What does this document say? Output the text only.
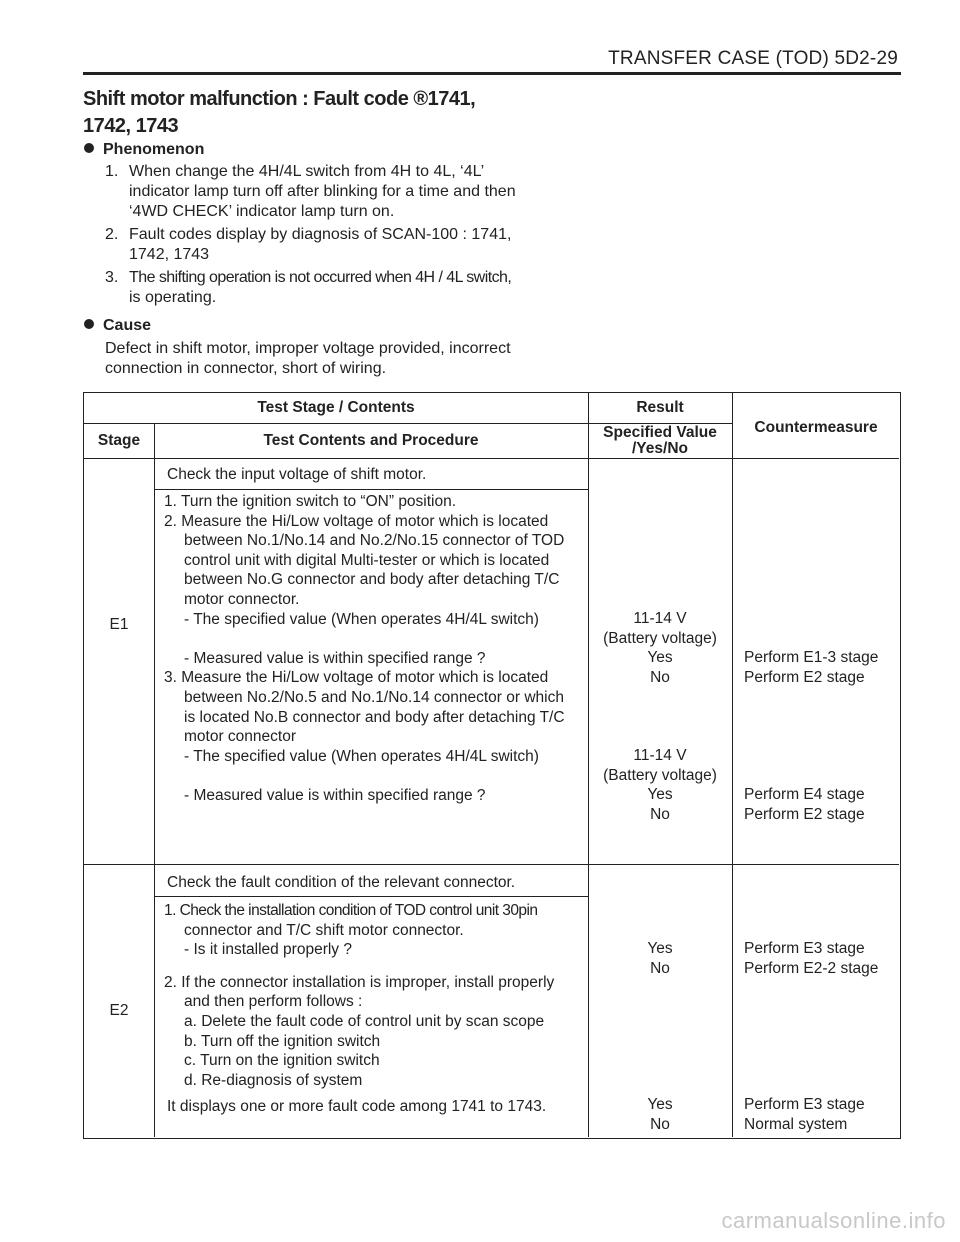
TRANSFER CASE (TOD) 5D2-29
Shift motor malfunction : Fault code ®1741,
1742, 1743
Phenomenon
1. When change the 4H/4L switch from 4H to 4L, ‘4L’
indicator lamp turn off after blinking for a time and then
‘4WD CHECK’ indicator lamp turn on.
2. Fault codes display by diagnosis of SCAN-100 : 1741,
1742, 1743
3. The shifting operation is not occurred when 4H / 4L switch,
is operating.
Cause
Defect in shift motor, improper voltage provided, incorrect
connection in connector, short of wiring.
Test Stage / Contents
Stage	Test Contents and Procedure
Result
Specified Value
/Yes/No
Countermeasure
E1
Check the input voltage of shift motor.
1. Turn the ignition switch to “ON” position.
2. Measure the Hi/Low voltage of motor which is located
between No.1/No.14 and No.2/No.15 connector of TOD
control unit with digital Multi-tester or which is located
between No.G connector and body after detaching T/C
motor connector.
- The specified value (When operates 4H/4L switch)
- Measured value is within specified range ?
3. Measure the Hi/Low voltage of motor which is located
between No.2/No.5 and No.1/No.14 connector or which
is located No.B connector and body after detaching T/C
motor connector
- The specified value (When operates 4H/4L switch)
- Measured value is within specified range ?
11-14 V
(Battery voltage)
Yes
No
Perform E1-3 stage
Perform E2 stage
11-14 V
(Battery voltage)
Yes
No
Perform E4 stage
Perform E2 stage
E2
Check the fault condition of the relevant connector.
1. Check the installation condition of TOD control unit 30pin
connector and T/C shift motor connector.
- Is it installed properly ?
2. If the connector installation is improper, install properly
and then perform follows :
a. Delete the fault code of control unit by scan scope
b. Turn off the ignition switch
c. Turn on the ignition switch
d. Re-diagnosis of system
It displays one or more fault code among 1741 to 1743.
Yes
No
Perform E3 stage
Perform E2-2 stage
Yes
No
Perform E3 stage
Normal system
carmanualsonline.info
